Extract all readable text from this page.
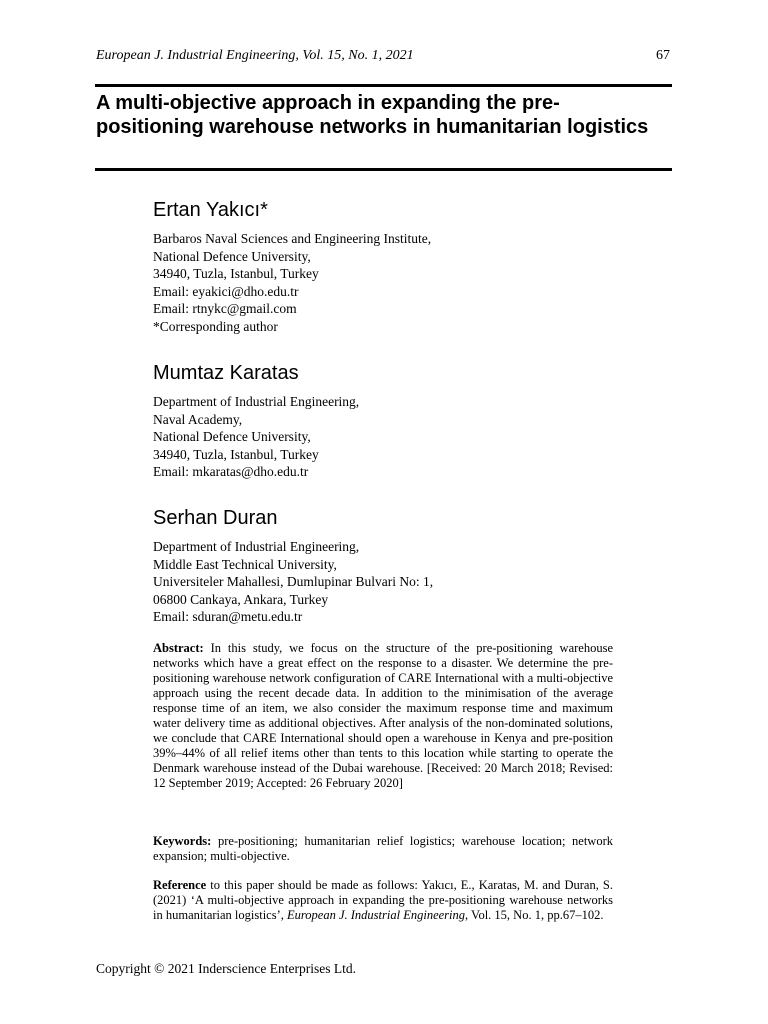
European J. Industrial Engineering, Vol. 15, No. 1, 2021	67
A multi-objective approach in expanding the pre-positioning warehouse networks in humanitarian logistics

Ertan Yakıcı*

Barbaros Naval Sciences and Engineering Institute,
National Defence University,
34940, Tuzla, Istanbul, Turkey
Email: eyakici@dho.edu.tr
Email: rtnykc@gmail.com
*Corresponding author

Mumtaz Karatas

Department of Industrial Engineering,
Naval Academy,
National Defence University,
34940, Tuzla, Istanbul, Turkey
Email: mkaratas@dho.edu.tr

Serhan Duran

Department of Industrial Engineering,
Middle East Technical University,
Universiteler Mahallesi, Dumlupinar Bulvari No: 1,
06800 Cankaya, Ankara, Turkey
Email: sduran@metu.edu.tr

Abstract: In this study, we focus on the structure of the pre-positioning warehouse networks which have a great effect on the response to a disaster. We determine the pre-positioning warehouse network configuration of CARE International with a multi-objective approach using the recent decade data. In addition to the minimisation of the average response time of an item, we also consider the maximum response time and maximum water delivery time as additional objectives. After analysis of the non-dominated solutions, we conclude that CARE International should open a warehouse in Kenya and pre-position 39%–44% of all relief items other than tents to this location while starting to operate the Denmark warehouse instead of the Dubai warehouse. [Received: 20 March 2018; Revised: 12 September 2019; Accepted: 26 February 2020]

Keywords: pre-positioning; humanitarian relief logistics; warehouse location; network expansion; multi-objective.

Reference to this paper should be made as follows: Yakıcı, E., Karatas, M. and Duran, S. (2021) ‘A multi-objective approach in expanding the pre-positioning warehouse networks in humanitarian logistics’, European J. Industrial Engineering, Vol. 15, No. 1, pp.67–102.

Copyright © 2021 Inderscience Enterprises Ltd.
